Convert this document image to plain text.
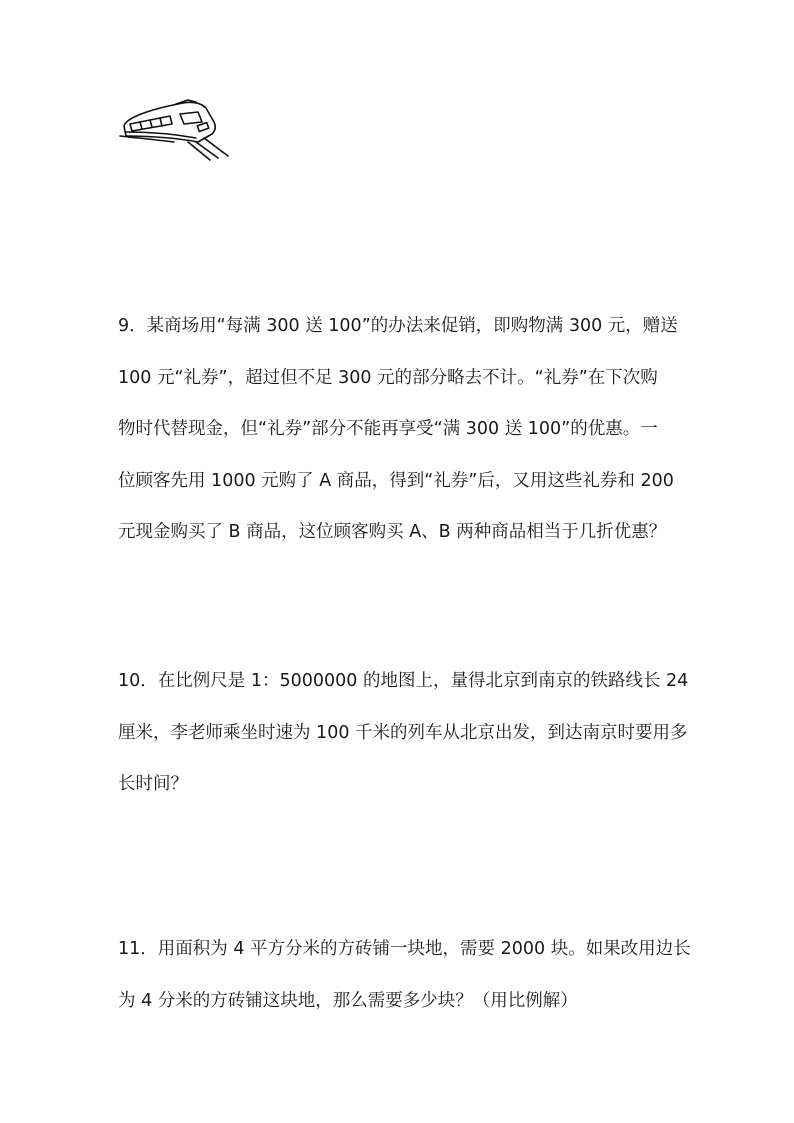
9．某商场用“每满 300 送 100”的办法来促销，即购物满 300 元，赠送
100 元“礼券”，超过但不足 300 元的部分略去不计。“礼券”在下次购
物时代替现金，但“礼券”部分不能再享受“满 300 送 100”的优惠。一
位顾客先用 1000 元购了 A 商品，得到“礼券”后，又用这些礼券和 200
元现金购买了 B 商品，这位顾客购买 A、B 两种商品相当于几折优惠？
10．在比例尺是 1：5000000 的地图上，量得北京到南京的铁路线长 24
厘米，李老师乘坐时速为 100 千米的列车从北京出发，到达南京时要用多
长时间？
11．用面积为 4 平方分米的方砖铺一块地，需要 2000 块。如果改用边长
为 4 分米的方砖铺这块地，那么需要多少块？（用比例解）
